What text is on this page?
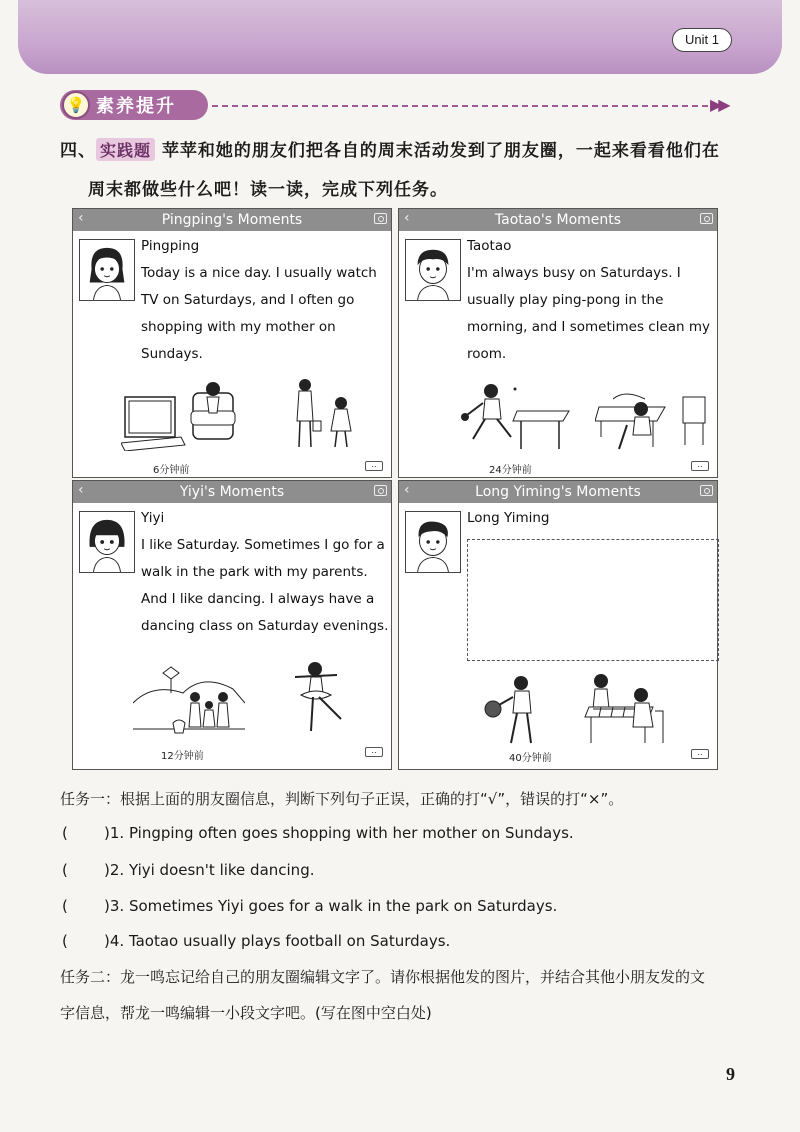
Unit 1
💡 素养提升	▶▶
四、 实践题 苹苹和她的朋友们把各自的周末活动发到了朋友圈，一起来看看他们在
周末都做些什么吧！读一读，完成下列任务。
‹	Pingping's Moments
Pingping
Today is a nice day. I usually watch TV on Saturdays, and I often go shopping with my mother on Sundays.
6分钟前
‥
‹	Taotao's Moments
Taotao
I'm always busy on Saturdays. I usually play ping-pong in the morning, and I sometimes clean my room.
24分钟前
‥
‹	Yiyi's Moments
Yiyi
I like Saturday. Sometimes I go for a walk in the park with my parents. And I like dancing. I always have a dancing class on Saturday evenings.
12分钟前
‥
‹	Long Yiming's Moments
Long Yiming
40分钟前
‥
任务一：根据上面的朋友圈信息，判断下列句子正误，正确的打“√”，错误的打“×”。
( )1. Pingping often goes shopping with her mother on Sundays.
( )2. Yiyi doesn't like dancing.
( )3. Sometimes Yiyi goes for a walk in the park on Saturdays.
( )4. Taotao usually plays football on Saturdays.
任务二：龙一鸣忘记给自己的朋友圈编辑文字了。请你根据他发的图片，并结合其他小朋友发的文
字信息，帮龙一鸣编辑一小段文字吧。(写在图中空白处)
9
